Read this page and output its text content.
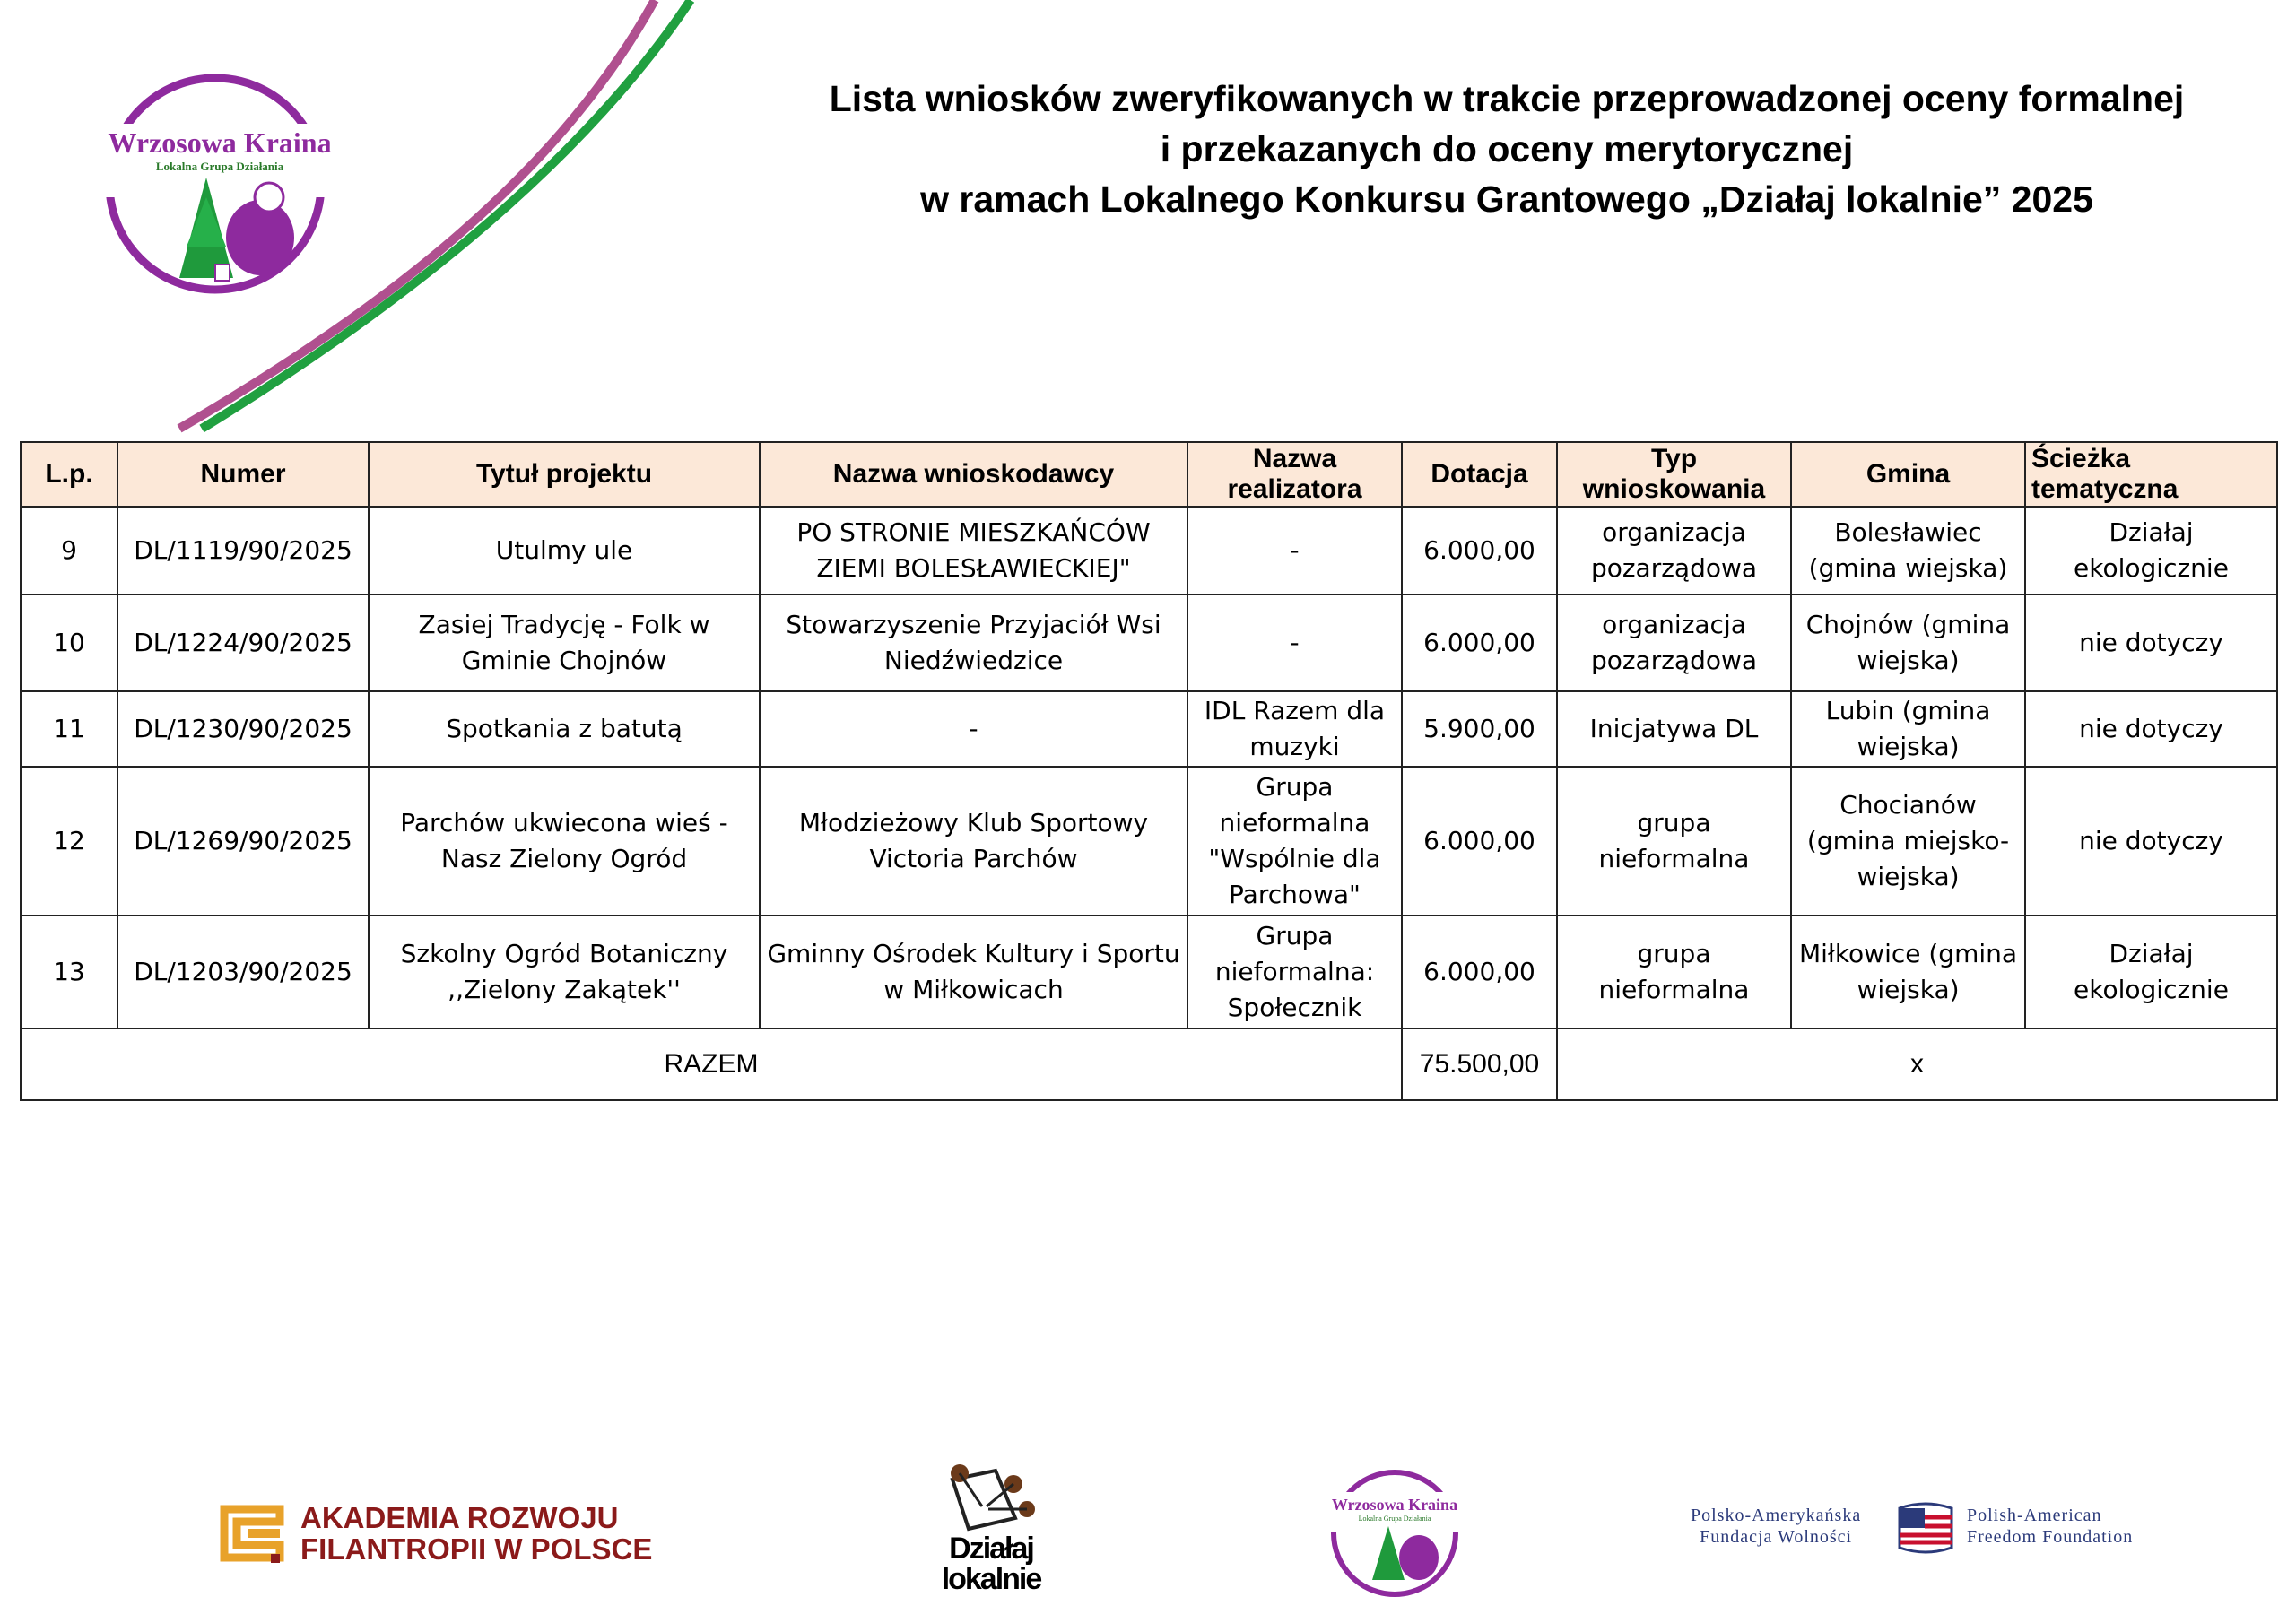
Wrzosowa Kraina
Lokalna Grupa Działania
Lista wniosków zweryfikowanych w trakcie przeprowadzonej oceny formalnej
i przekazanych do oceny merytorycznej
w ramach Lokalnego Konkursu Grantowego „Działaj lokalnie” 2025
L.p.	Numer	Tytuł projektu	Nazwa wnioskodawcy	Nazwa realizatora	Dotacja	Typ wnioskowania	Gmina	Ścieżka tematyczna
9	DL/1119/90/2025	Utulmy ule	PO STRONIE MIESZKAŃCÓW ZIEMI BOLESŁAWIECKIEJ"	-	6.000,00	organizacja pozarządowa	Bolesławiec (gmina wiejska)	Działaj ekologicznie
10	DL/1224/90/2025	Zasiej Tradycję - Folk w Gminie Chojnów	Stowarzyszenie Przyjaciół Wsi Niedźwiedzice	-	6.000,00	organizacja pozarządowa	Chojnów (gmina wiejska)	nie dotyczy
11	DL/1230/90/2025	Spotkania z batutą	-	IDL Razem dla muzyki	5.900,00	Inicjatywa DL	Lubin (gmina wiejska)	nie dotyczy
12	DL/1269/90/2025	Parchów ukwiecona wieś - Nasz Zielony Ogród	Młodzieżowy Klub Sportowy Victoria Parchów	Grupa nieformalna "Wspólnie dla Parchowa"	6.000,00	grupa nieformalna	Chocianów (gmina miejsko-wiejska)	nie dotyczy
13	DL/1203/90/2025	Szkolny Ogród Botaniczny ,,Zielony Zakątek''	Gminny Ośrodek Kultury i Sportu w Miłkowicach	Grupa nieformalna: Społecznik	6.000,00	grupa nieformalna	Miłkowice (gmina wiejska)	Działaj ekologicznie
RAZEM					75.500,00	x		
AKADEMIA ROZWOJU
FILANTROPII W POLSCE	Działaj
lokalnie
Wrzosowa Kraina
Lokalna Grupa Działania	Polsko-Amerykańska
Fundacja Wolności
Polish-American
Freedom Foundation
